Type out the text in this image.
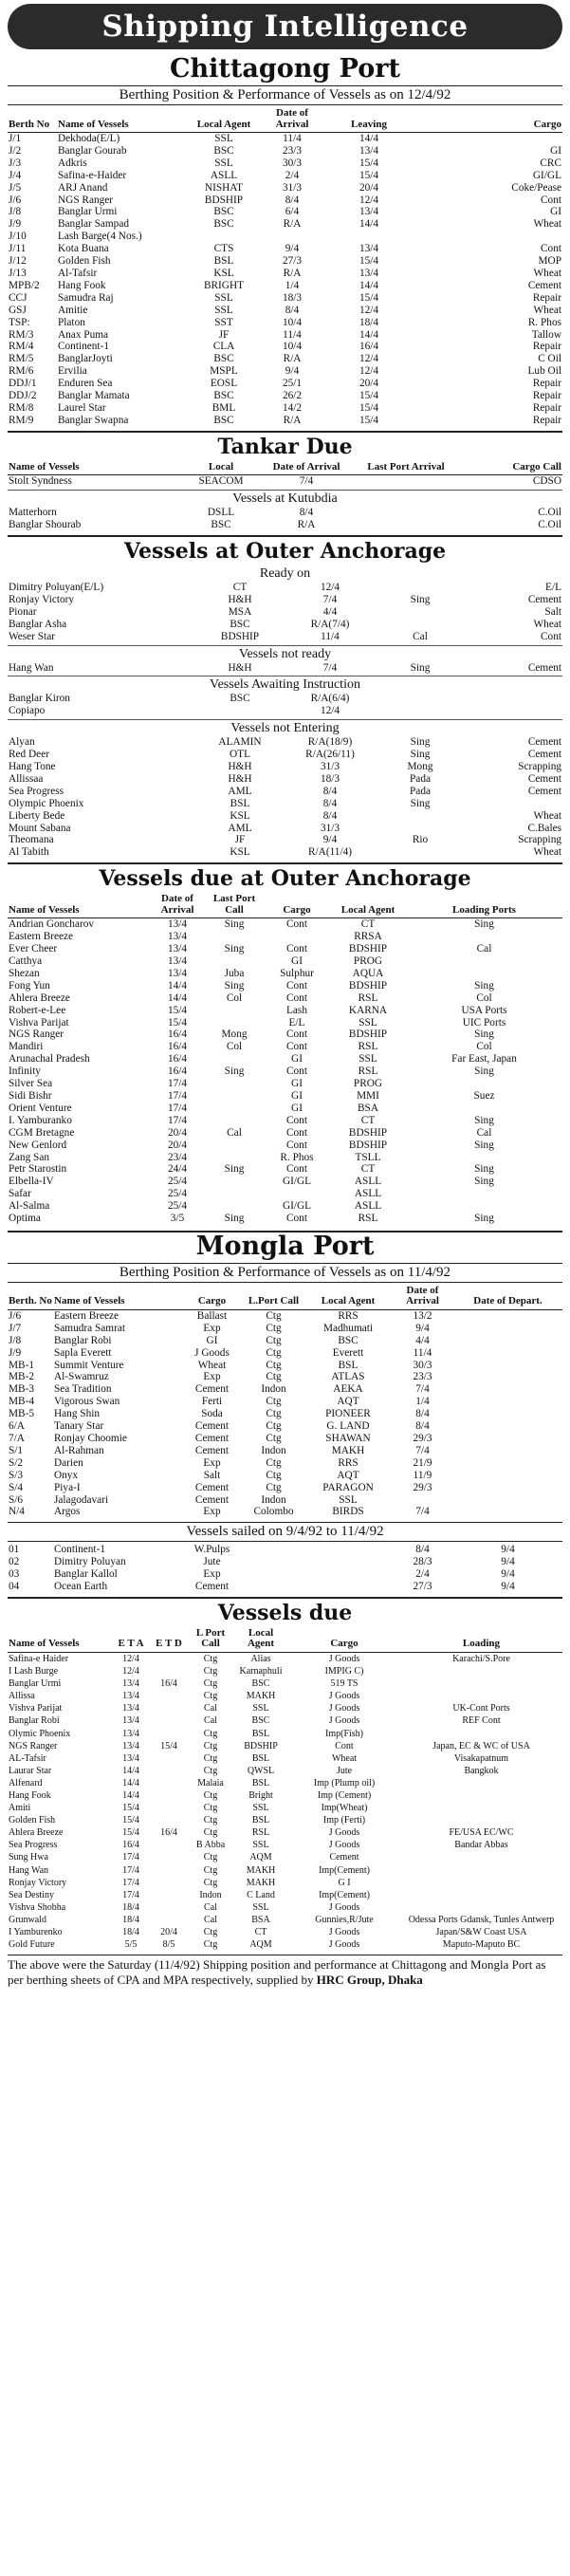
Shipping Intelligence
Chittagong Port
Berthing Position & Performance of Vessels as on 12/4/92
Berth No	Name of Vessels	Local Agent	Date of Arrival	Leaving	Cargo
J/1	Dekhoda(E/L)	SSL	11/4	14/4	
J/2	Banglar Gourab	BSC	23/3	13/4	GI
J/3	Adkris	SSL	30/3	15/4	CRC
J/4	Safina-e-Haider	ASLL	2/4	15/4	GI/GL
J/5	ARJ Anand	NISHAT	31/3	20/4	Coke/Pease
J/6	NGS Ranger	BDSHIP	8/4	12/4	Cont
J/8	Banglar Urmi	BSC	6/4	13/4	GI
J/9	Banglar Sampad	BSC	R/A	14/4	Wheat
J/10	Lash Barge(4 Nos.)				
J/11	Kota Buana	CTS	9/4	13/4	Cont
J/12	Golden Fish	BSL	27/3	15/4	MOP
J/13	Al-Tafsir	KSL	R/A	13/4	Wheat
MPB/2	Hang Fook	BRIGHT	1/4	14/4	Cement
CCJ	Samudra Raj	SSL	18/3	15/4	Repair
GSJ	Amitie	SSL	8/4	12/4	Wheat
TSP:	Platon	SST	10/4	18/4	R. Phos
RM/3	Anax Puma	JF	11/4	14/4	Tallow
RM/4	Continent-1	CLA	10/4	16/4	Repair
RM/5	BanglarJoyti	BSC	R/A	12/4	C Oil
RM/6	Ervilia	MSPL	9/4	12/4	Lub Oil
DDJ/1	Enduren Sea	EOSL	25/1	20/4	Repair
DDJ/2	Banglar Mamata	BSC	26/2	15/4	Repair
RM/8	Laurel Star	BML	14/2	15/4	Repair
RM/9	Banglar Swapna	BSC	R/A	15/4	Repair
Tankar Due
Name of Vessels	Local	Date of Arrival	Last Port Arrival	Cargo Call
Stolt Syndness	SEACOM	7/4		CDSO
Vessels at Kutubdia
Matterhorn	DSLL	8/4		C.Oil
Banglar Shourab	BSC	R/A		C.Oil
Vessels at Outer Anchorage
Ready on
Dimitry Poluyan(E/L)	CT	12/4		E/L
Ronjay Victory	H&H	7/4	Sing	Cement
Pionar	MSA	4/4		Salt
Banglar Asha	BSC	R/A(7/4)		Wheat
Weser Star	BDSHIP	11/4	Cal	Cont
Vessels not ready
Hang Wan	H&H	7/4	Sing	Cement
Vessels Awaiting Instruction
Banglar Kiron	BSC	R/A(6/4)		
Copiapo		12/4		
Vessels not Entering
Alyan	ALAMIN	R/A(18/9)	Sing	Cement
Red Deer	OTL	R/A(26/11)	Sing	Cement
Hang Tone	H&H	31/3	Mong	Scrapping
Allissaa	H&H	18/3	Pada	Cement
Sea Progress	AML	8/4	Pada	Cement
Olympic Phoenix	BSL	8/4	Sing	
Liberty Bede	KSL	8/4		Wheat
Mount Sabana	AML	31/3		C.Bales
Theomana	JF	9/4	Rio	Scrapping
Al Tabith	KSL	R/A(11/4)		Wheat
Vessels due at Outer Anchorage
Name of Vessels	Date of Arrival	Last Port Call	Cargo	Local Agent	Loading Ports
Andrian Goncharov	13/4	Sing	Cont	CT	Sing
Eastern Breeze	13/4			RRSA	
Ever Cheer	13/4	Sing	Cont	BDSHIP	Cal
Catthya	13/4		GI	PROG	
Shezan	13/4	Juba	Sulphur	AQUA	
Fong Yun	14/4	Sing	Cont	BDSHIP	Sing
Ahlera Breeze	14/4	Col	Cont	RSL	Col
Robert-e-Lee	15/4		Lash	KARNA	USA Ports
Vishva Parijat	15/4		E/L	SSL	UIC Ports
NGS Ranger	16/4	Mong	Cont	BDSHIP	Sing
Mandiri	16/4	Col	Cont	RSL	Col
Arunachal Pradesh	16/4		GI	SSL	Far East, Japan
Infinity	16/4	Sing	Cont	RSL	Sing
Silver Sea	17/4		GI	PROG	
Sidi Bishr	17/4		GI	MMI	Suez
Orient Venture	17/4		GI	BSA	
I. Yamburanko	17/4		Cont	CT	Sing
CGM Bretagne	20/4	Cal	Cont	BDSHIP	Cal
New Genlord	20/4		Cont	BDSHIP	Sing
Zang San	23/4		R. Phos	TSLL	
Petr Starostin	24/4	Sing	Cont	CT	Sing
Elbella-IV	25/4		GI/GL	ASLL	Sing
Safar	25/4			ASLL	
Al-Salma	25/4		GI/GL	ASLL	
Optima	3/5	Sing	Cont	RSL	Sing
Mongla Port
Berthing Position & Performance of Vessels as on 11/4/92
Berth. No	Name of Vessels	Cargo	L.Port Call	Local Agent	Date of Arrival	Date of Depart.
J/6	Eastern Breeze	Ballast	Ctg	RRS	13/2	
J/7	Samudra Samrat	Exp	Ctg	Madhumati	9/4	
J/8	Banglar Robi	GI	Ctg	BSC	4/4	
J/9	Sapla Everett	J Goods	Ctg	Everett	11/4	
MB-1	Summit Venture	Wheat	Ctg	BSL	30/3	
MB-2	Al-Swamruz	Exp	Ctg	ATLAS	23/3	
MB-3	Sea Tradition	Cement	Indon	AEKA	7/4	
MB-4	Vigorous Swan	Ferti	Ctg	AQT	1/4	
MB-5	Hang Shin	Soda	Ctg	PIONEER	8/4	
6/A	Tanary Star	Cement	Ctg	G. LAND	8/4	
7/A	Ronjay Choomie	Cement	Ctg	SHAWAN	29/3	
S/1	Al-Rahman	Cement	Indon	MAKH	7/4	
S/2	Darien	Exp	Ctg	RRS	21/9	
S/3	Onyx	Salt	Ctg	AQT	11/9	
S/4	Piya-I	Cement	Ctg	PARAGON	29/3	
S/6	Jalagodavari	Cement	Indon	SSL		
N/4	Argos	Exp	Colombo	BIRDS	7/4	
Vessels sailed on 9/4/92 to 11/4/92
01	Continent-1	W.Pulps			8/4	9/4
02	Dimitry Poluyan	Jute			28/3	9/4
03	Banglar Kallol	Exp			2/4	9/4
04	Ocean Earth	Cement			27/3	9/4
Vessels due
Name of Vessels	E T A	E T D	L Port Call	Local Agent	Cargo	Loading
Safina-e Haider	12/4		Ctg	Alias	J Goods	Karachi/S.Pore
I Lash Burge	12/4		Ctg	Karnaphuli	IMPIG C)	
Banglar Urmi	13/4	16/4	Ctg	BSC	519 TS	
Allissa	13/4		Ctg	MAKH	J Goods	
Vishva Parijat	13/4		Cal	SSL	J Goods	UK-Cont Ports
Banglar Robi	13/4		Cal	BSC	J Goods	REF Cont
Olymic Phoenix	13/4		Ctg	BSL	Imp(Fish)	
NGS Ranger	13/4	15/4	Ctg	BDSHIP	Cont	Japan, EC & WC of USA
AL-Tafsir	13/4		Ctg	BSL	Wheat	Visakapatnum
Laurar Star	14/4		Ctg	QWSL	Jute	Bangkok
Alfenard	14/4		Malaia	BSL	Imp (Plump oil)	
Hang Fook	14/4		Ctg	Bright	Imp (Cement)	
Amiti	15/4		Ctg	SSL	Imp(Wheat)	
Golden Fish	15/4		Ctg	BSL	Imp (Ferti)	
Ahlera Breeze	15/4	16/4	Ctg	RSL	J Goods	FE/USA EC/WC
Sea Progress	16/4		B Abba	SSL	J Goods	Bandar Abbas
Sung Hwa	17/4		Ctg	AQM	Cement	
Hang Wan	17/4		Ctg	MAKH	Imp(Cement)	
Ronjay Victory	17/4		Ctg	MAKH	G I	
Sea Destiny	17/4		Indon	C Land	Imp(Cement)	
Vishva Shobha	18/4		Cal	SSL	J Goods	
Grunwald	18/4		Cal	BSA	Gunnies,R/Jute	Odessa Ports Gdansk, Tunles Antwerp
I Yamburenko	18/4	20/4	Ctg	CT	J Goods	Japan/S&W Coast USA
Gold Future	5/5	8/5	Ctg	AQM	J Goods	Maputo-Maputo BC
The above were the Saturday (11/4/92) Shipping position and performance at Chittagong and Mongla Port as per berthing sheets of CPA and MPA respectively, supplied by HRC Group, Dhaka
